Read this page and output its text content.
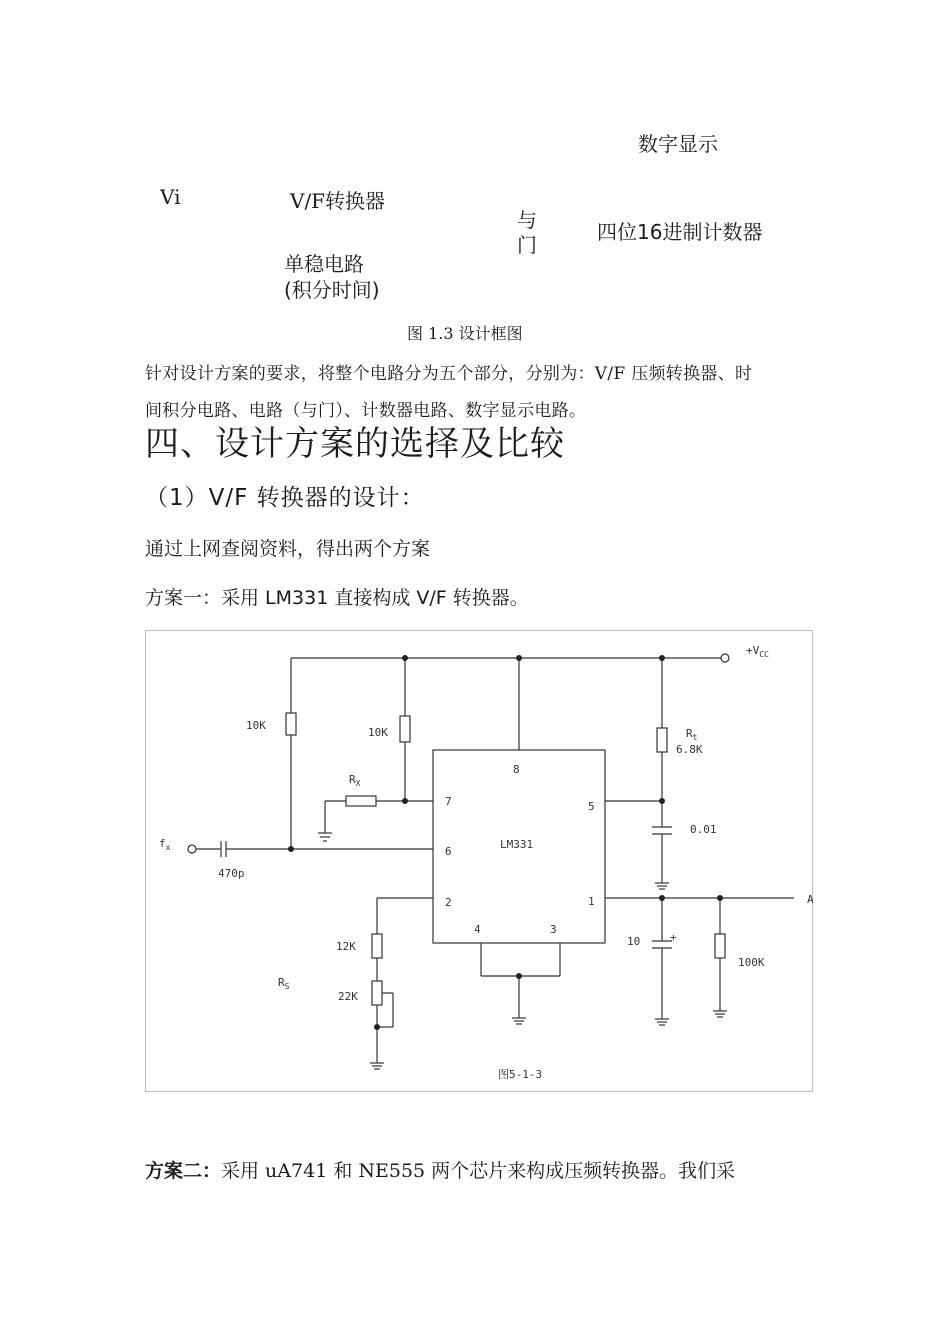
数字显示
Vi	V/F转换器
与
门
四位16进制计数器
单稳电路
(积分时间)
图 1.3 设计框图
针对设计方案的要求，将整个电路分为五个部分，分别为：V/F 压频转换器、时
间积分电路、电路（与门）、计数器电路、数字显示电路。
四、设计方案的选择及比较
（1）V/F 转换器的设计：
通过上网查阅资料，得出两个方案
方案一：采用 LM331 直接构成 V/F 转换器。
$+V_{CC}$
10K
10K
$R_X$
8
7
6
5
2	1
4	3
LM331
$R_t$
6.8K
0.01
$f_x$
470p
+
10
100K
12K
$R_S$
22K
A
图5-1-3
方案二：采用 uA741 和 NE555 两个芯片来构成压频转换器。我们采
